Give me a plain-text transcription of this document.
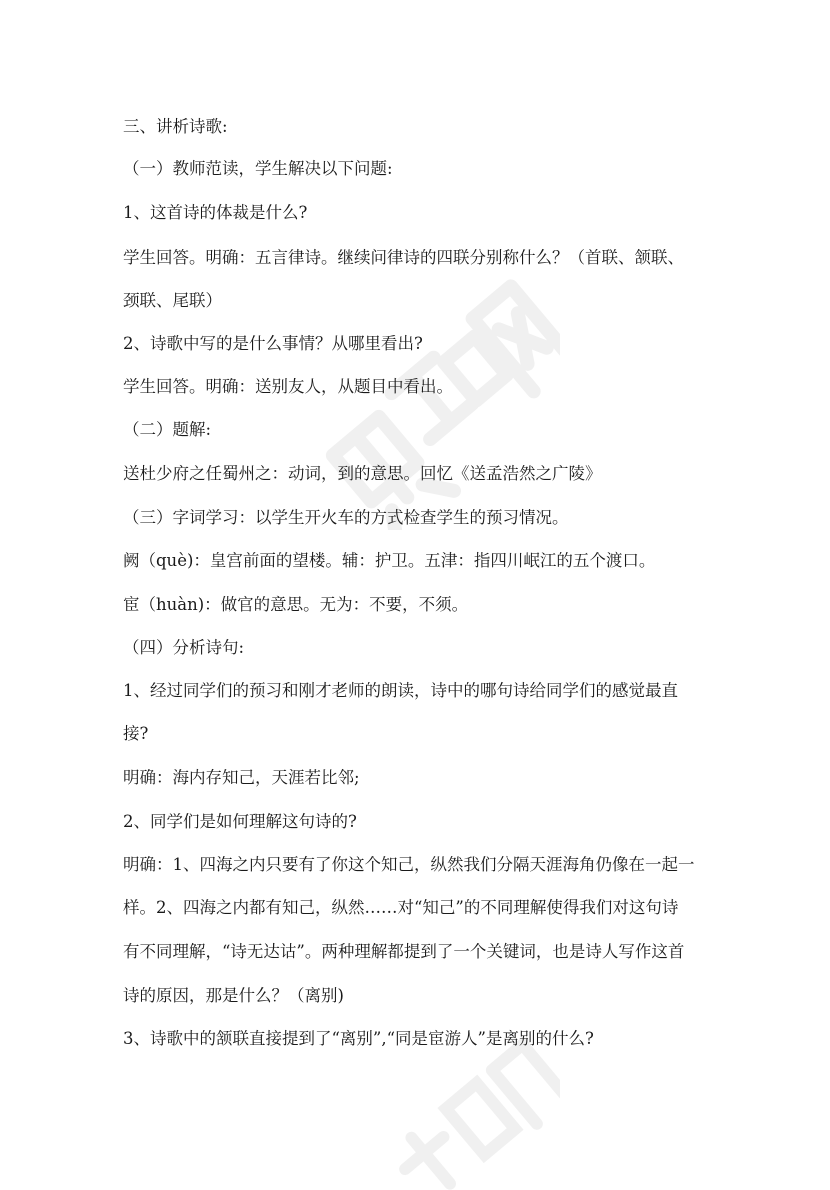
三、讲析诗歌:
（一）教师范读，学生解决以下问题:
1、这首诗的体裁是什么?
学生回答。明确：五言律诗。继续问律诗的四联分别称什么？（首联、颔联、
颈联、尾联）
2、诗歌中写的是什么事情？从哪里看出?
学生回答。明确：送别友人，从题目中看出。
（二）题解:
送杜少府之任蜀州之：动词，到的意思。回忆《送孟浩然之广陵》
（三）字词学习：以学生开火车的方式检查学生的预习情况。
阙（què)：皇宫前面的望楼。辅：护卫。五津：指四川岷江的五个渡口。
宦（huàn)：做官的意思。无为：不要，不须。
（四）分析诗句:
1、经过同学们的预习和刚才老师的朗读，诗中的哪句诗给同学们的感觉最直
接?
明确：海内存知己，天涯若比邻;
2、同学们是如何理解这句诗的?
明确：1、四海之内只要有了你这个知己，纵然我们分隔天涯海角仍像在一起一
样。2、四海之内都有知己，纵然……对“知己”的不同理解使得我们对这句诗
有不同理解，“诗无达诂”。两种理解都提到了一个关键词，也是诗人写作这首
诗的原因，那是什么？（离别)
3、诗歌中的颔联直接提到了“离别”,“同是宦游人”是离别的什么?
